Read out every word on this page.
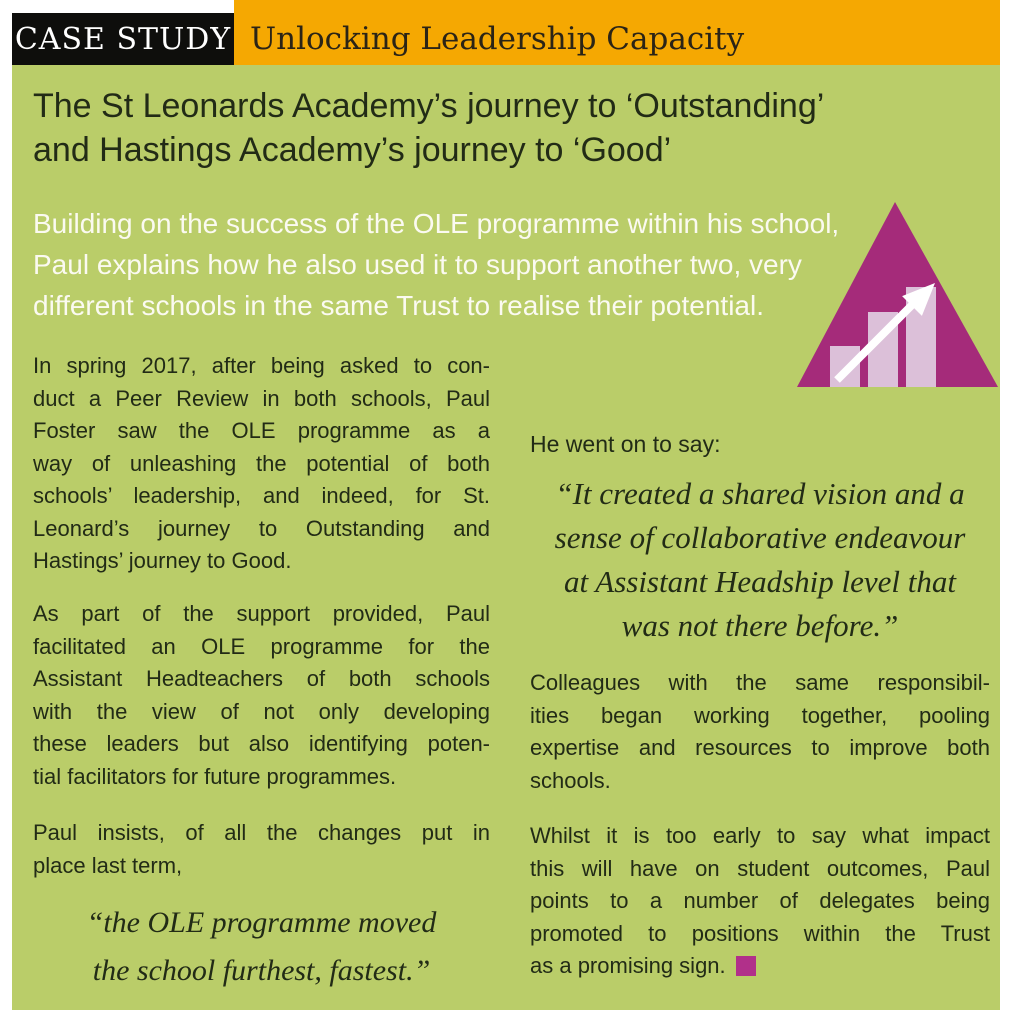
CASE STUDY Unlocking Leadership Capacity
The St Leonards Academy’s journey to ‘Outstanding’
and Hastings Academy’s journey to ‘Good’
Building on the success of the OLE programme within his school,
Paul explains how he also used it to support another two, very
different schools in the same Trust to realise their potential.
In spring 2017, after being asked to con-
duct a Peer Review in both schools, Paul
Foster saw the OLE programme as a
way of unleashing the potential of both
schools’ leadership, and indeed, for St.
Leonard’s journey to Outstanding and
Hastings’ journey to Good.
As part of the support provided, Paul
facilitated an OLE programme for the
Assistant Headteachers of both schools
with the view of not only developing
these leaders but also identifying poten-
tial facilitators for future programmes.
Paul insists, of all the changes put in
place last term,
“the OLE programme moved
the school furthest, fastest.”
He went on to say:
“It created a shared vision and a
sense of collaborative endeavour
at Assistant Headship level that
was not there before.”
Colleagues with the same responsibil-
ities began working together, pooling
expertise and resources to improve both
schools.
Whilst it is too early to say what impact
this will have on student outcomes, Paul
points to a number of delegates being
promoted to positions within the Trust
as a promising sign.
